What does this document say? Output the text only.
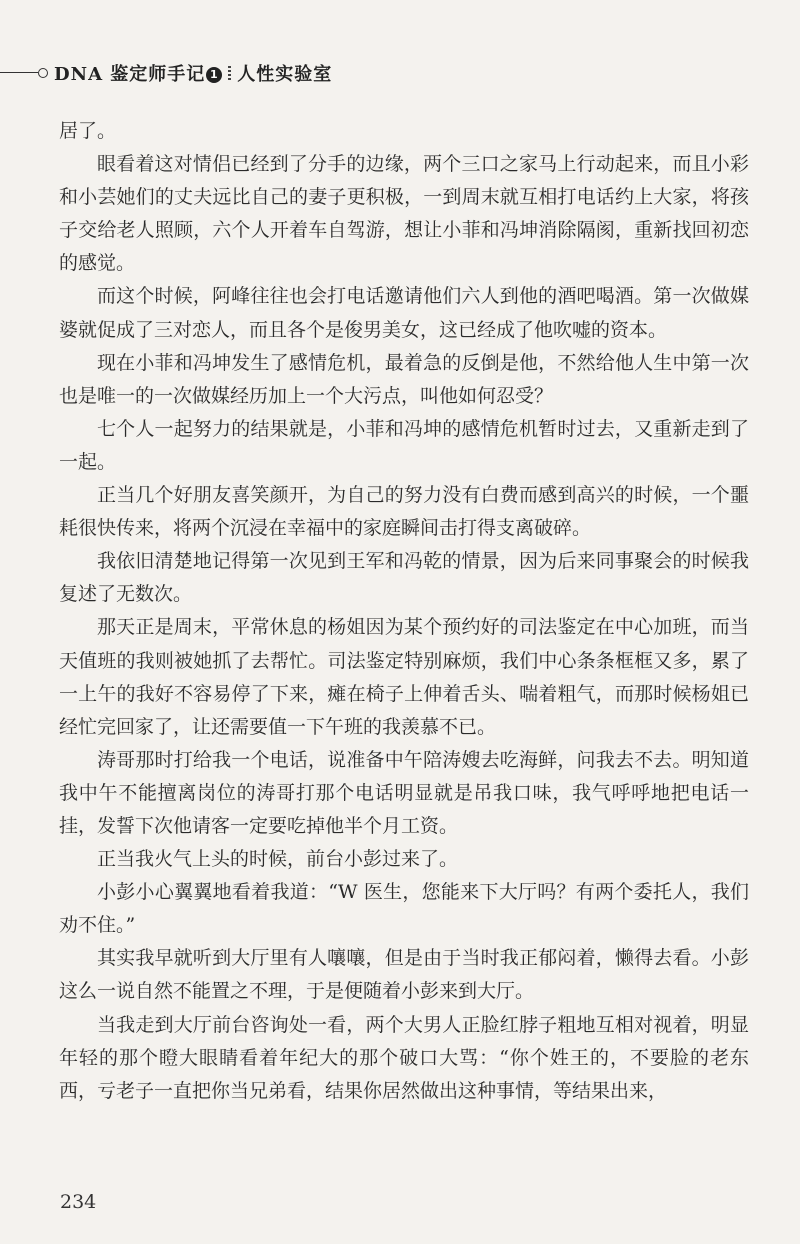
DNA 鉴定师手记 1 人性实验室

居了。

眼看着这对情侣已经到了分手的边缘，两个三口之家马上行动起来，而且小彩和小芸她们的丈夫远比自己的妻子更积极，一到周末就互相打电话约上大家，将孩子交给老人照顾，六个人开着车自驾游，想让小菲和冯坤消除隔阂，重新找回初恋的感觉。

而这个时候，阿峰往往也会打电话邀请他们六人到他的酒吧喝酒。第一次做媒婆就促成了三对恋人，而且各个是俊男美女，这已经成了他吹嘘的资本。

现在小菲和冯坤发生了感情危机，最着急的反倒是他，不然给他人生中第一次也是唯一的一次做媒经历加上一个大污点，叫他如何忍受？

七个人一起努力的结果就是，小菲和冯坤的感情危机暂时过去，又重新走到了一起。

正当几个好朋友喜笑颜开，为自己的努力没有白费而感到高兴的时候，一个噩耗很快传来，将两个沉浸在幸福中的家庭瞬间击打得支离破碎。

我依旧清楚地记得第一次见到王军和冯乾的情景，因为后来同事聚会的时候我复述了无数次。

那天正是周末，平常休息的杨姐因为某个预约好的司法鉴定在中心加班，而当天值班的我则被她抓了去帮忙。司法鉴定特别麻烦，我们中心条条框框又多，累了一上午的我好不容易停了下来，瘫在椅子上伸着舌头、喘着粗气，而那时候杨姐已经忙完回家了，让还需要值一下午班的我羡慕不已。

涛哥那时打给我一个电话，说准备中午陪涛嫂去吃海鲜，问我去不去。明知道我中午不能擅离岗位的涛哥打那个电话明显就是吊我口味，我气呼呼地把电话一挂，发誓下次他请客一定要吃掉他半个月工资。

正当我火气上头的时候，前台小彭过来了。

小彭小心翼翼地看着我道：“W 医生，您能来下大厅吗？有两个委托人，我们劝不住。”

其实我早就听到大厅里有人嚷嚷，但是由于当时我正郁闷着，懒得去看。小彭这么一说自然不能置之不理，于是便随着小彭来到大厅。

当我走到大厅前台咨询处一看，两个大男人正脸红脖子粗地互相对视着，明显年轻的那个瞪大眼睛看着年纪大的那个破口大骂：“你个姓王的，不要脸的老东西，亏老子一直把你当兄弟看，结果你居然做出这种事情，等结果出来，

234
